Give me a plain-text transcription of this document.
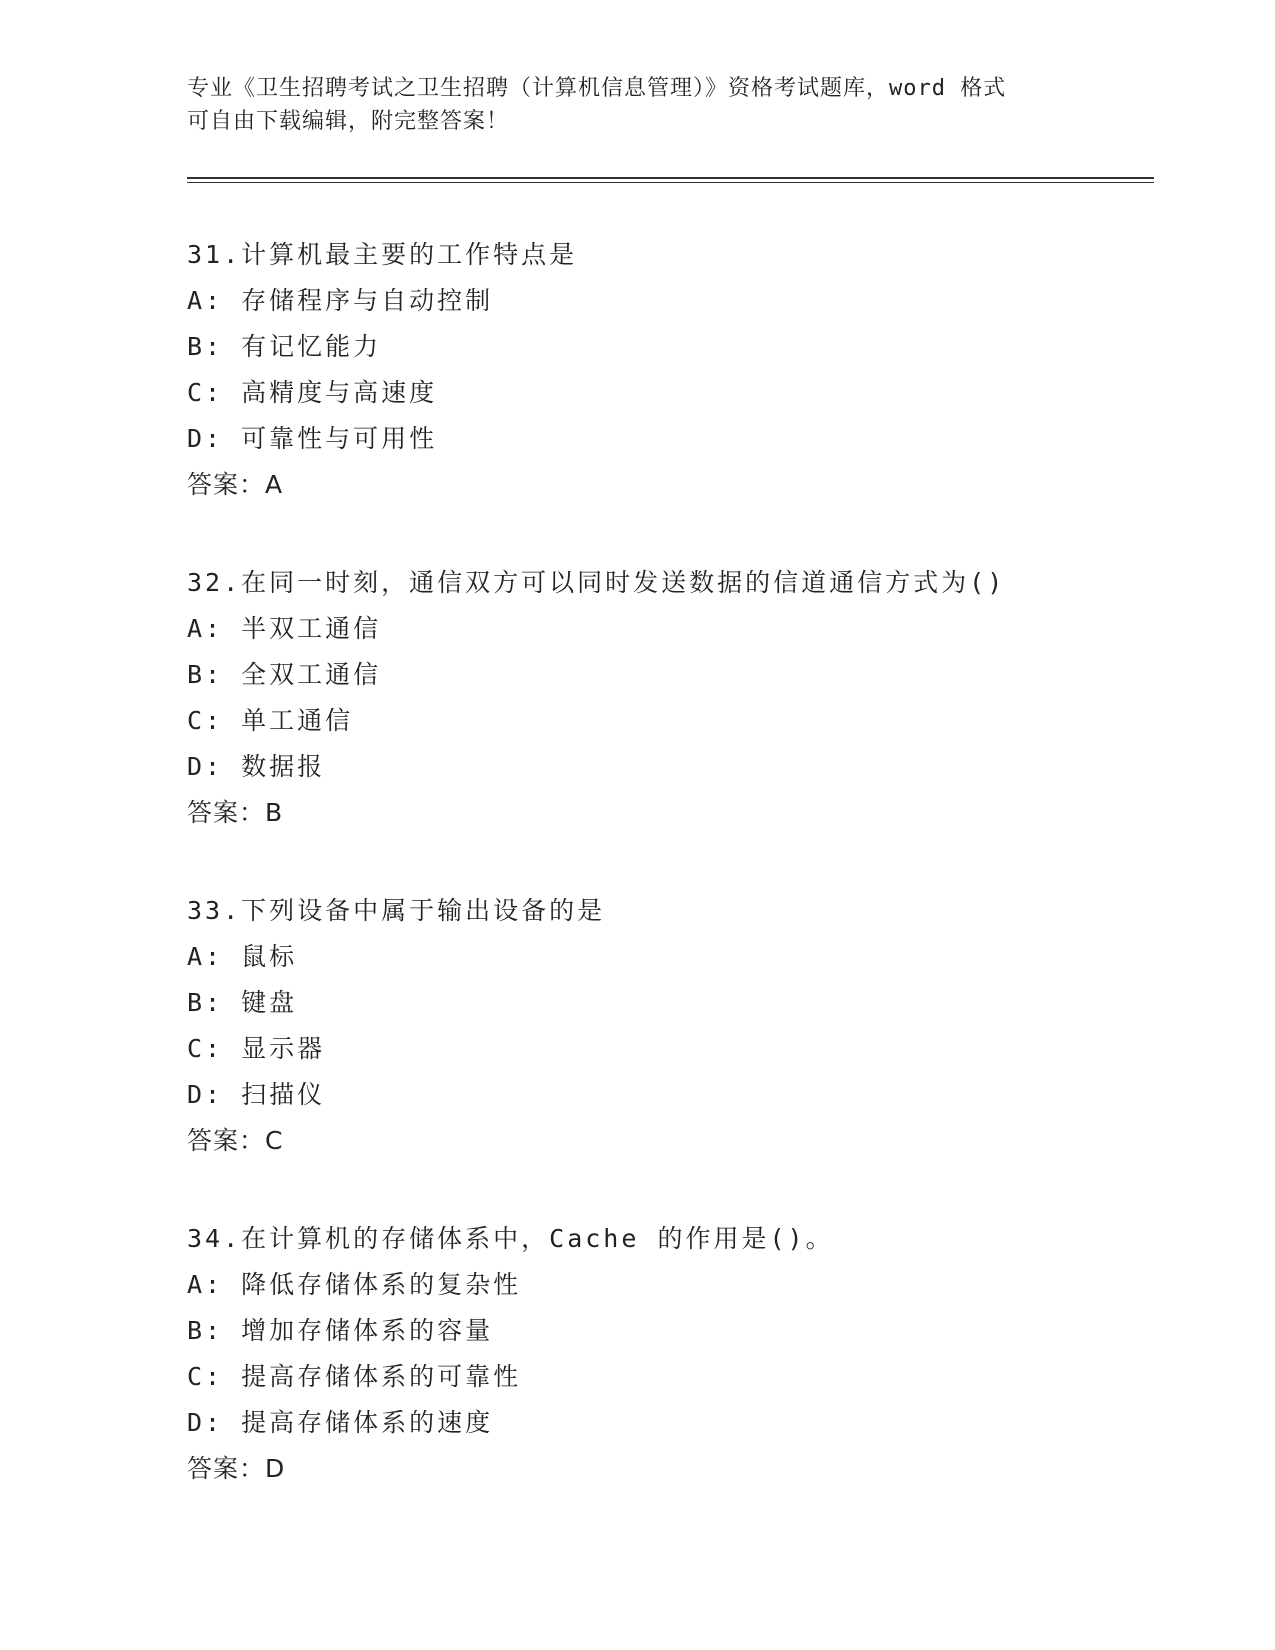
专业《卫生招聘考试之卫生招聘（计算机信息管理）》资格考试题库，word 格式
可自由下载编辑，附完整答案！
31.计算机最主要的工作特点是
A: 存储程序与自动控制
B: 有记忆能力
C: 高精度与高速度
D: 可靠性与可用性
答案：A
32.在同一时刻，通信双方可以同时发送数据的信道通信方式为()
A: 半双工通信
B: 全双工通信
C: 单工通信
D: 数据报
答案：B
33.下列设备中属于输出设备的是
A: 鼠标
B: 键盘
C: 显示器
D: 扫描仪
答案：C
34.在计算机的存储体系中，Cache 的作用是()。
A: 降低存储体系的复杂性
B: 增加存储体系的容量
C: 提高存储体系的可靠性
D: 提高存储体系的速度
答案：D
